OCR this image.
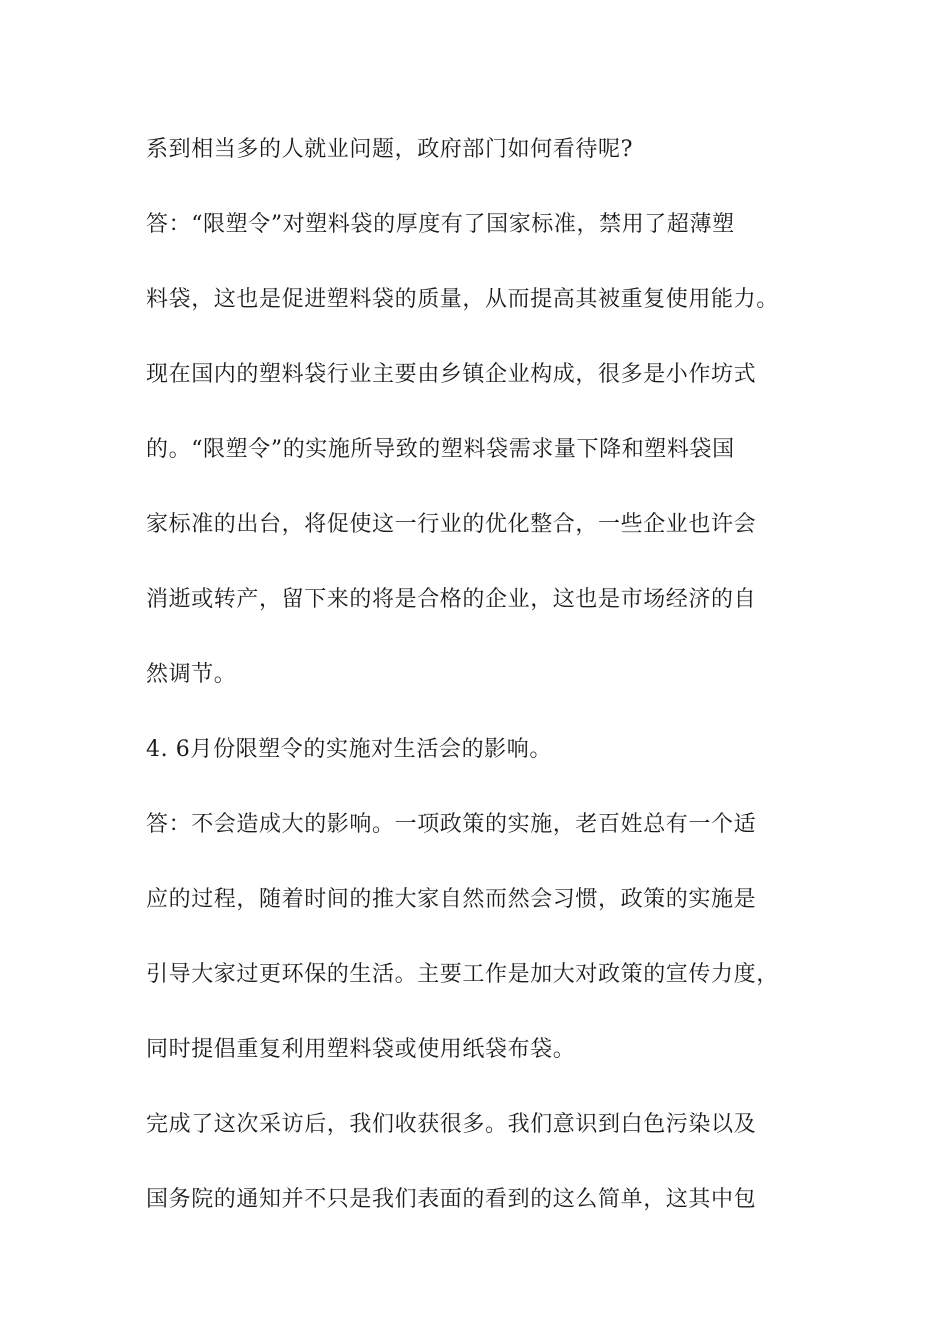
系到相当多的人就业问题，政府部门如何看待呢?
答：“限塑令”对塑料袋的厚度有了国家标准，禁用了超薄塑
料袋，这也是促进塑料袋的质量，从而提高其被重复使用能力。
现在国内的塑料袋行业主要由乡镇企业构成，很多是小作坊式
的。“限塑令”的实施所导致的塑料袋需求量下降和塑料袋国
家标准的出台，将促使这一行业的优化整合，一些企业也许会
消逝或转产，留下来的将是合格的企业，这也是市场经济的自
然调节。
4. 6月份限塑令的实施对生活会的影响。
答：不会造成大的影响。一项政策的实施，老百姓总有一个适
应的过程，随着时间的推大家自然而然会习惯，政策的实施是
引导大家过更环保的生活。主要工作是加大对政策的宣传力度，
同时提倡重复利用塑料袋或使用纸袋布袋。
完成了这次采访后，我们收获很多。我们意识到白色污染以及
国务院的通知并不只是我们表面的看到的这么简单，这其中包
